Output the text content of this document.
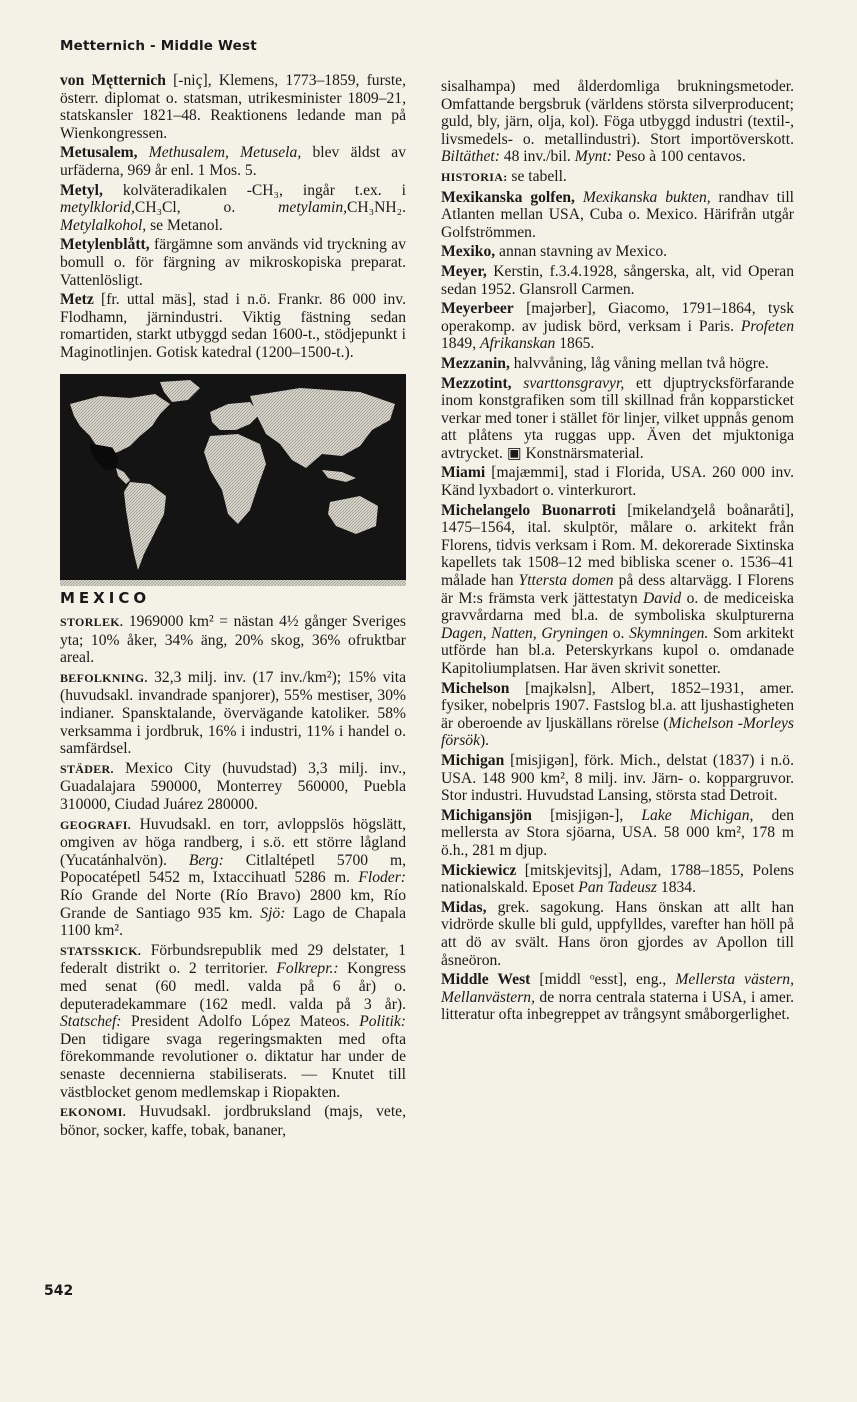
Metternich - Middle West

von Mętternich [-niç], Klemens, 1773–1859, furste, österr. diplomat o. statsman, utrikesminister 1809–21, statskansler 1821–48. Reaktionens ledande man på Wienkongressen.

Metusalem, Methusalem, Metusela, blev äldst av urfäderna, 969 år enl. 1 Mos. 5.

Metyl, kolväteradikalen -CH₃, ingår t.ex. i metylklorid,CH₃Cl, o. metylamin,CH₃NH₂. Metylalkohol, se Metanol.

Metylenblått, färgämne som används vid tryckning av bomull o. för färgning av mikroskopiska preparat. Vattenlösligt.

Metz [fr. uttal mäs], stad i n.ö. Frankr. 86 000 inv. Flodhamn, järnindustri. Viktig fästning sedan romartiden, starkt utbyggd sedan 1600-t., stödjepunkt i Maginotlinjen. Gotisk katedral (1200–1500-t.).

MEXICO

STORLEK. 1969000 km² = nästan 4½ gånger Sveriges yta; 10% åker, 34% äng, 20% skog, 36% ofruktbar areal.

BEFOLKNING. 32,3 milj. inv. (17 inv./km²); 15% vita (huvudsakl. invandrade spanjorer), 55% mestiser, 30% indianer. Spansktalande, övervägande katoliker. 58% verksamma i jordbruk, 16% i industri, 11% i handel o. samfärdsel.

STÄDER. Mexico City (huvudstad) 3,3 milj. inv., Guadalajara 590000, Monterrey 560000, Puebla 310000, Ciudad Juárez 280000.

GEOGRAFI. Huvudsakl. en torr, avloppslös högslätt, omgiven av höga randberg, i s.ö. ett större lågland (Yucatánhalvön). Berg: Citlaltépetl 5700 m, Popocatépetl 5452 m, Ixtaccihuatl 5286 m. Floder: Río Grande del Norte (Río Bravo) 2800 km, Río Grande de Santiago 935 km. Sjö: Lago de Chapala 1100 km².

STATSSKICK. Förbundsrepublik med 29 delstater, 1 federalt distrikt o. 2 territorier. Folkrepr.: Kongress med senat (60 medl. valda på 6 år) o. deputeradekammare (162 medl. valda på 3 år). Statschef: President Adolfo López Mateos. Politik: Den tidigare svaga regeringsmakten med ofta förekommande revolutioner o. diktatur har under de senaste decennierna stabiliserats. — Knutet till västblocket genom medlemskap i Riopakten.

EKONOMI. Huvudsakl. jordbruksland (majs, vete, bönor, socker, kaffe, tobak, bananer,

sisalhampa) med ålderdomliga brukningsmetoder. Omfattande bergsbruk (världens största silverproducent; guld, bly, järn, olja, kol). Föga utbyggd industri (textil-, livsmedels- o. metallindustri). Stort importöverskott. Biltäthet: 48 inv./bil. Mynt: Peso à 100 centavos.

HISTORIA: se tabell.

Mexikanska golfen, Mexikanska bukten, randhav till Atlanten mellan USA, Cuba o. Mexico. Härifrån utgår Golfströmmen.

Mexiko, annan stavning av Mexico.

Meyer, Kerstin, f.3.4.1928, sångerska, alt, vid Operan sedan 1952. Glansroll Carmen.

Meyerbeer [majərber], Giacomo, 1791–1864, tysk operakomp. av judisk börd, verksam i Paris. Profeten 1849, Afrikanskan 1865.

Mezzanin, halvvåning, låg våning mellan två högre.

Mezzotint, svarttonsgravyr, ett djuptrycksförfarande inom konstgrafiken som till skillnad från kopparsticket verkar med toner i stället för linjer, vilket uppnås genom att plåtens yta ruggas upp. Även det mjuktoniga avtrycket. ▣ Konstnärsmaterial.

Miami [majæmmi], stad i Florida, USA. 260 000 inv. Känd lyxbadort o. vinterkurort.

Michelangelo Buonarroti [mikelandʒelå boånaråti], 1475–1564, ital. skulptör, målare o. arkitekt från Florens, tidvis verksam i Rom. M. dekorerade Sixtinska kapellets tak 1508–12 med bibliska scener o. 1536–41 målade han Yttersta domen på dess altarvägg. I Florens är M:s främsta verk jättestatyn David o. de mediceiska gravvårdarna med bl.a. de symboliska skulpturerna Dagen, Natten, Gryningen o. Skymningen. Som arkitekt utförde han bl.a. Peterskyrkans kupol o. omdanade Kapitoliumplatsen. Har även skrivit sonetter.

Michelson [majkəlsn], Albert, 1852–1931, amer. fysiker, nobelpris 1907. Fastslog bl.a. att ljushastigheten är oberoende av ljuskällans rörelse (Michelson -Morleys försök).

Michigan [misjigən], förk. Mich., delstat (1837) i n.ö. USA. 148 900 km², 8 milj. inv. Järn- o. koppargruvor. Stor industri. Huvudstad Lansing, största stad Detroit.

Michigansjön [misjigən-], Lake Michigan, den mellersta av Stora sjöarna, USA. 58 000 km², 178 m ö.h., 281 m djup.

Mickiewicz [mitskjevitsj], Adam, 1788–1855, Polens nationalskald. Eposet Pan Tadeusz 1834.

Midas, grek. sagokung. Hans önskan att allt han vidrörde skulle bli guld, uppfylldes, varefter han höll på att dö av svält. Hans öron gjordes av Apollon till åsneöron.

Middle West [middl ᵒesst], eng., Mellersta västern, Mellanvästern, de norra centrala staterna i USA, i amer. litteratur ofta inbegreppet av trångsynt småborgerlighet.

542
